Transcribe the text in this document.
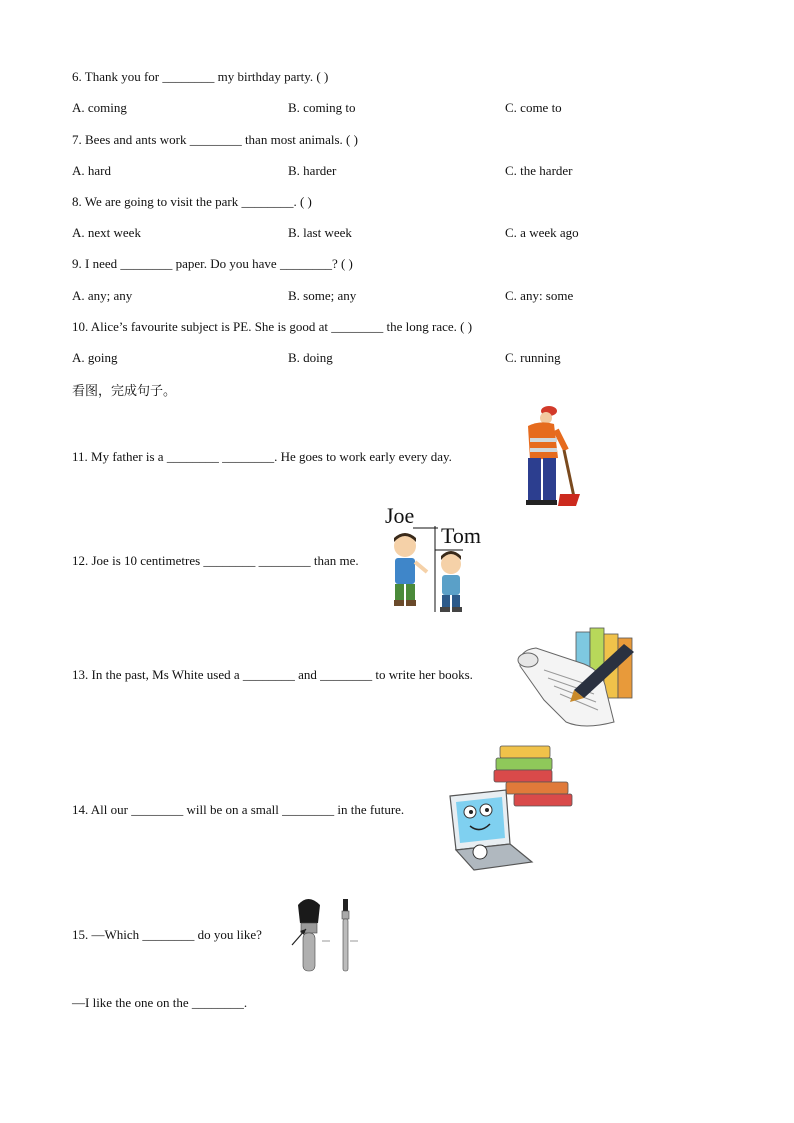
6. Thank you for ________ my birthday party. ( )
A. coming	B. coming to	C. come to
7. Bees and ants work ________ than most animals. ( )
A. hard	B. harder	C. the harder
8. We are going to visit the park ________. ( )
A. next week	B. last week	C. a week ago
9. I need ________ paper. Do you have ________? ( )
A. any; any	B. some; any	C. any: some
10. Alice’s favourite subject is PE. She is good at ________ the long race. ( )
A. going	B. doing	C. running
看图，完成句子。
11. My father is a ________ ________. He goes to work early every day.
12. Joe is 10 centimetres ________ ________ than me.
Joe
Tom
13. In the past, Ms White used a ________ and ________ to write her books.
14. All our ________ will be on a small ________ in the future.
15. —Which ________ do you like?
—I like the one on the ________.
